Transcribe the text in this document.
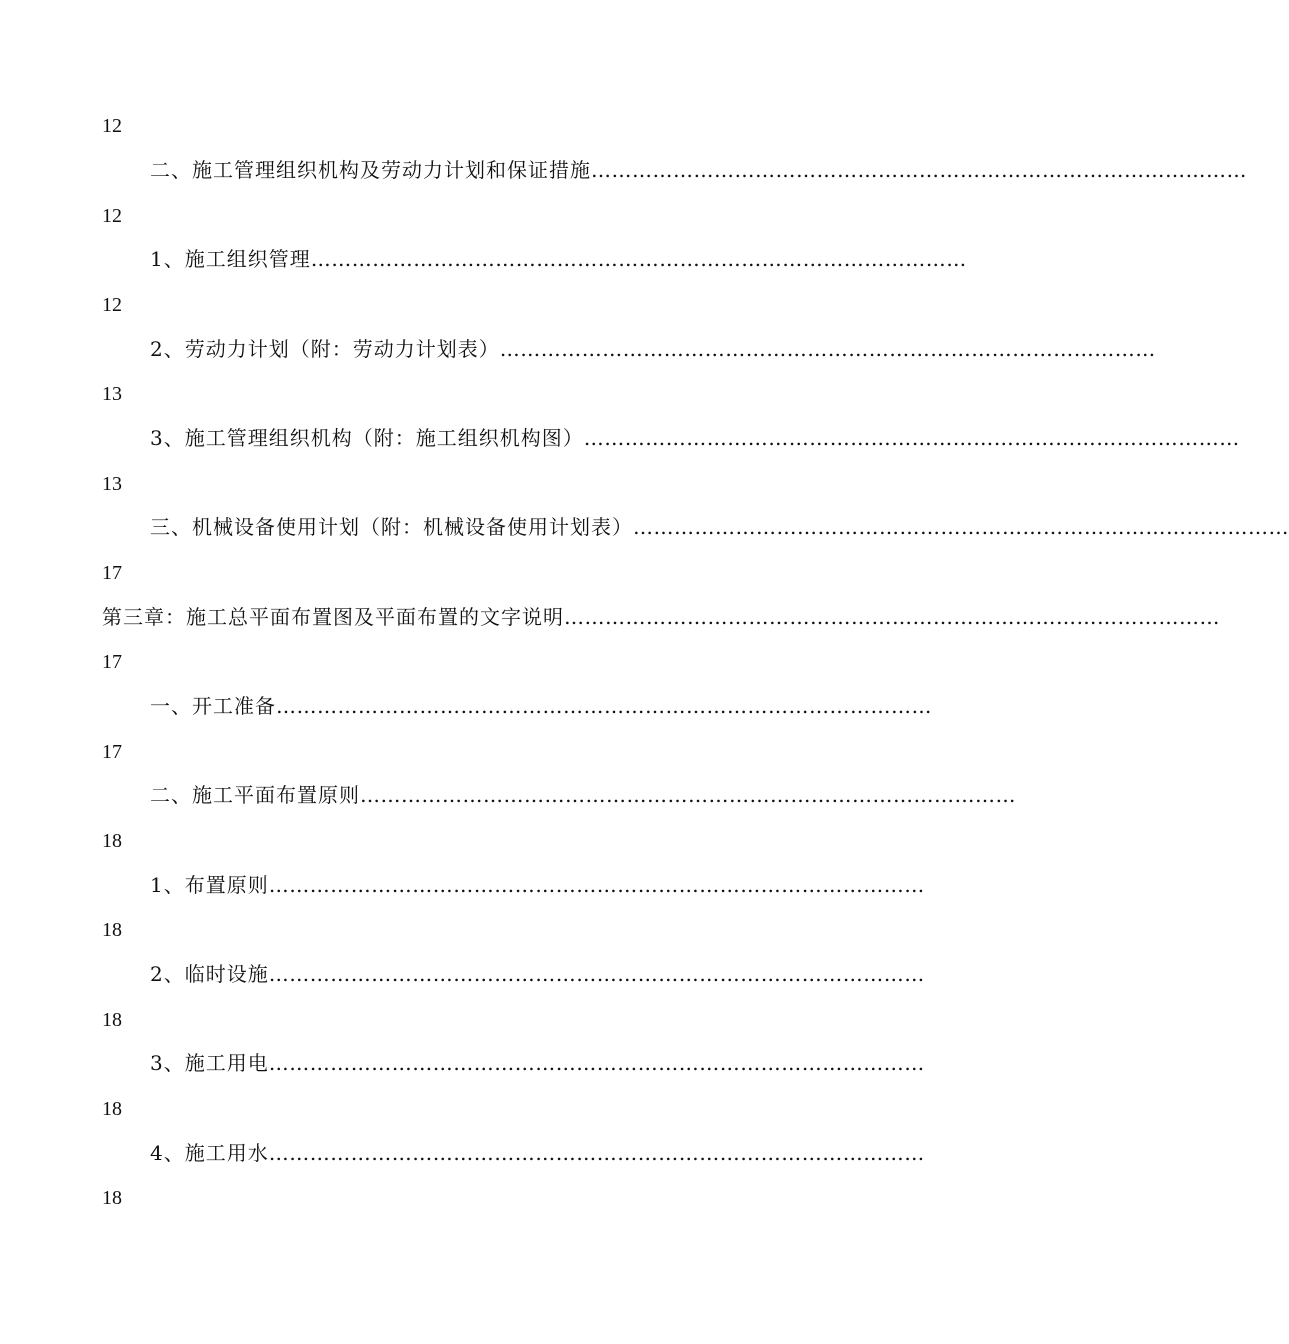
12
二、施工管理组织机构及劳动力计划和保证措施 ……………………………………………………………………………………
12
1、施工组织管理 ……………………………………………………………………………………
12
2、劳动力计划（附：劳动力计划表） ……………………………………………………………………………………
13
3、施工管理组织机构（附：施工组织机构图） ……………………………………………………………………………………
13
三、机械设备使用计划（附：机械设备使用计划表） ……………………………………………………………………………………
17
第三章：施工总平面布置图及平面布置的文字说明 ……………………………………………………………………………………
17
一、开工准备 ……………………………………………………………………………………
17
二、施工平面布置原则 ……………………………………………………………………………………
18
1、布置原则 ……………………………………………………………………………………
18
2、临时设施 ……………………………………………………………………………………
18
3、施工用电 ……………………………………………………………………………………
18
4、施工用水 ……………………………………………………………………………………
18
